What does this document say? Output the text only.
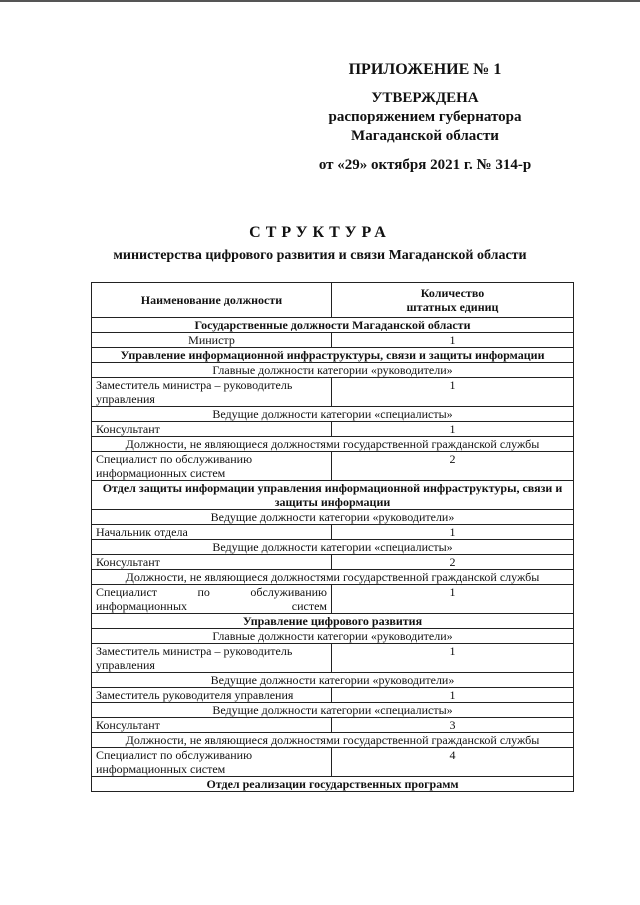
ПРИЛОЖЕНИЕ № 1
УТВЕРЖДЕНА
распоряжением губернатора
Магаданской области
от «29» октября 2021 г. № 314-р
СТРУКТУРА
министерства цифрового развития и связи Магаданской области
Наименование должности	Количество
штатных единиц

Государственные должности Магаданской области	
Министр	1
Управление информационной инфраструктуры, связи и защиты информации	
Главные должности категории «руководители»	
Заместитель министра – руководитель управления	1
Ведущие должности категории «специалисты»	
Консультант	1
Должности, не являющиеся должностями государственной гражданской службы	
Специалист по обслуживанию информационных систем	2
Отдел защиты информации управления информационной инфраструктуры, связи и защиты информации	
Ведущие должности категории «руководители»	
Начальник отдела	1
Ведущие должности категории «специалисты»	
Консультант	2
Должности, не являющиеся должностями государственной гражданской службы	
Специалист по обслуживанию информационных систем	1
Управление цифрового развития	
Главные должности категории «руководители»	
Заместитель министра – руководитель управления	1
Ведущие должности категории «руководители»	
Заместитель руководителя управления	1
Ведущие должности категории «специалисты»	
Консультант	3
Должности, не являющиеся должностями государственной гражданской службы	
Специалист по обслуживанию информационных систем	4
Отдел реализации государственных программ	
